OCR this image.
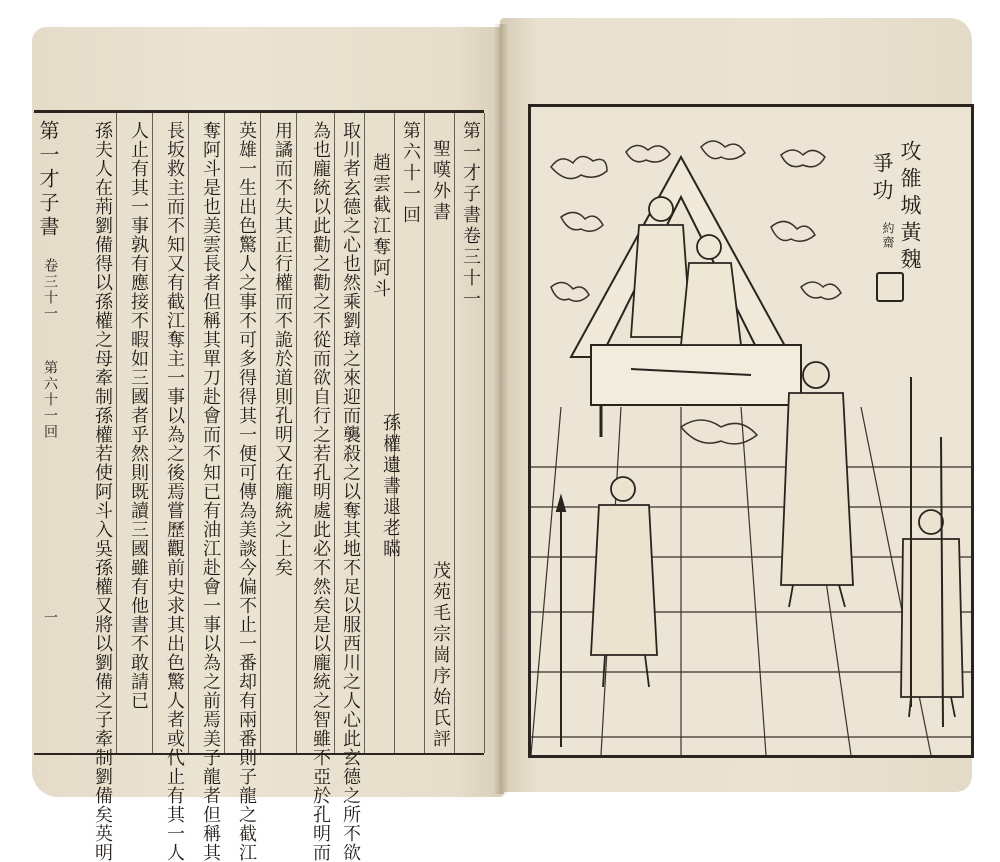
第一才子書
卷三十一
第六十一回
一
第一才子書卷三十一
聖嘆外書
茂苑毛宗崗序始氏評
第六十一回
趙雲截江奪阿斗
孫權遺書退老瞞
取川者玄德之心也然乘劉璋之來迎而襲殺之以奪其地不足以服西川之人心此玄德之所不欲
為也龐統以此勸之勸之不從而欲自行之若孔明處此必不然矣是以龐統之智雖不亞於孔明而
用譎而不失其正行權而不詭於道則孔明又在龐統之上矣
英雄一生出色驚人之事不可多得得其一便可傳為美談今偏不止一番却有兩番則子龍之截江
奪阿斗是也美雲長者但稱其單刀赴會而不知已有油江赴會一事以為之前焉美子龍者但稱其
長坂救主而不知又有截江奪主一事以為之後焉嘗歷觀前史求其出色驚人者或代止有其一人
人止有其一事孰有應接不暇如三國者乎然則既讀三國雖有他書不敢請已
孫夫人在荊劉備得以孫權之母牽制孫權若使阿斗入吳孫權又將以劉備之子牽制劉備矣英明	攻雒城黃魏
爭功
約齋
